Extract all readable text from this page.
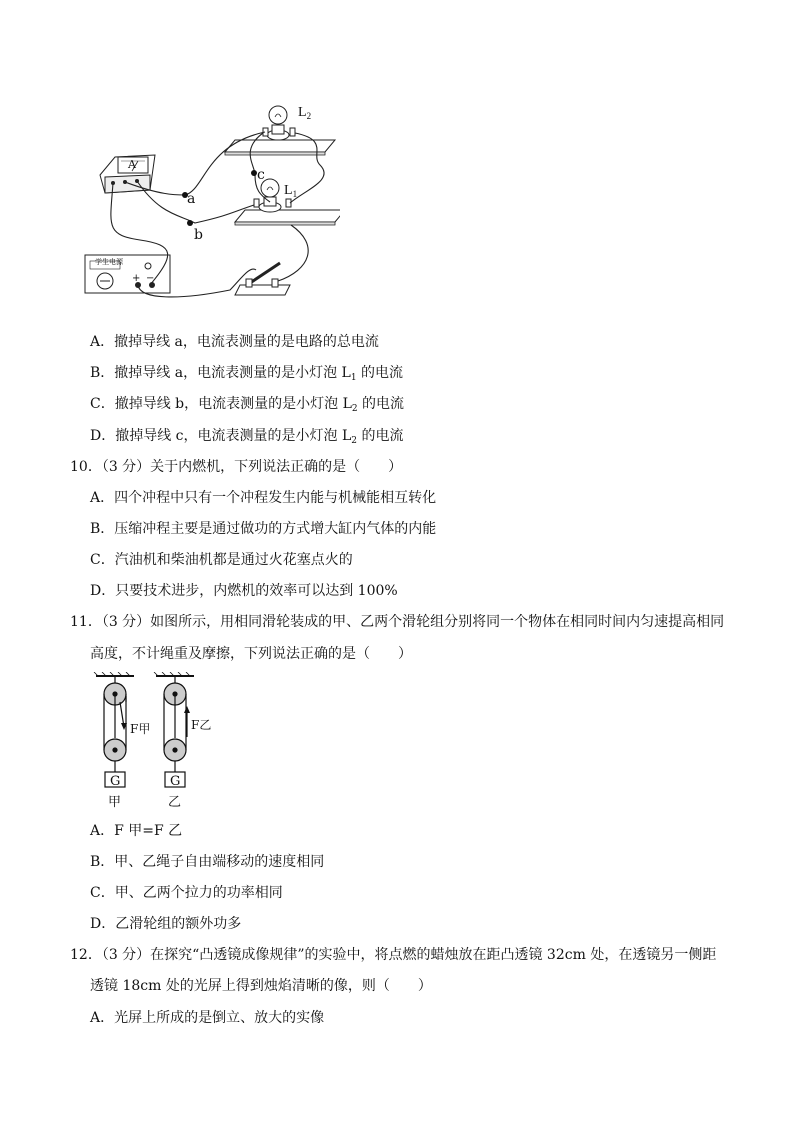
$L_2$
$L_1$
a
b
c
A
学生电源
+ −
A．撤掉导线 a，电流表测量的是电路的总电流
B．撤掉导线 a，电流表测量的是小灯泡 $L_1$ 的电流
C．撤掉导线 b，电流表测量的是小灯泡 $L_2$ 的电流
D．撤掉导线 c，电流表测量的是小灯泡 $L_2$ 的电流
10．（3 分）关于内燃机，下列说法正确的是（　　）
A．四个冲程中只有一个冲程发生内能与机械能相互转化
B．压缩冲程主要是通过做功的方式增大缸内气体的内能
C．汽油机和柴油机都是通过火花塞点火的
D．只要技术进步，内燃机的效率可以达到 100%
11．（3 分）如图所示，用相同滑轮装成的甲、乙两个滑轮组分别将同一个物体在相同时间内匀速提高相同
高度，不计绳重及摩擦，下列说法正确的是（　　）
F甲	F乙
G	G
甲	乙
A．F 甲=F 乙
B．甲、乙绳子自由端移动的速度相同
C．甲、乙两个拉力的功率相同
D．乙滑轮组的额外功多
12．（3 分）在探究“凸透镜成像规律”的实验中，将点燃的蜡烛放在距凸透镜 32cm 处，在透镜另一侧距
透镜 18cm 处的光屏上得到烛焰清晰的像，则（　　）
A．光屏上所成的是倒立、放大的实像
